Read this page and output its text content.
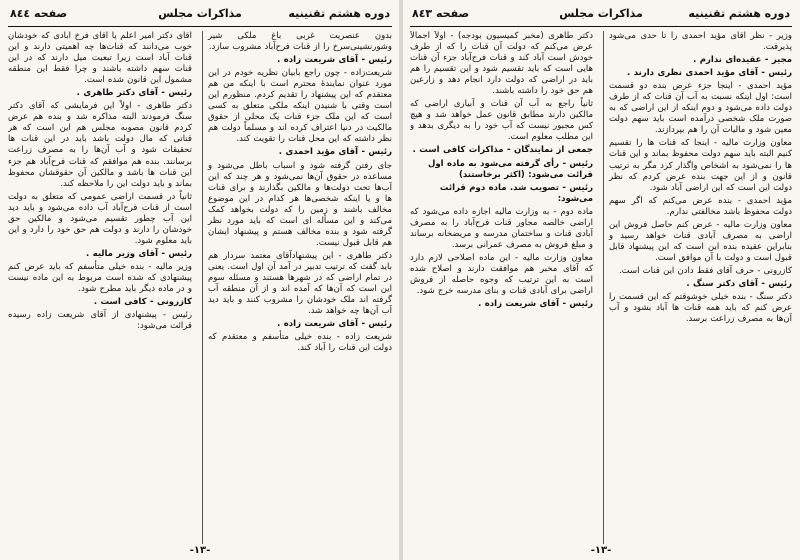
صفحه ٨٤٤	مذاکرات مجلس	دوره هشتم تقنینیه

بدون عنصریت غربی باغ ملکی شیر وشورنشینی‌سرخ را از قنات فرح‌آباد مشروب سازد.

رئیس - آقای شریعت زاده .

شریعت‌زاده - چون راجع بابیان نظریه خودم در این مورد عنوان نمایندهٔ محترم است با اینکه من هم معتقدم که این پیشنهاد را تقدیم کردم. منظورم این است وقتی با شنیدن اینکه ملکی متعلق به کسی است که این ملک جزء قنات یک محلی از حقوق مالکیت در دنیا اعتراف کرده اند و مسلماً دولت هم نظر داشته که این محل قنات را تقویت کند.

رئیس - آقای مؤید احمدی .

جای رفتن گرفته شود و اسباب باطل می‌شود و مساعده در حقوق آن‌ها نمی‌شود و هر چند که این آب‌ها تحت دولت‌ها و مالکین بگذارند و برای قنات ها و یا اینکه شخصی‌ها هر کدام در این موضوع مخالف باشند و زمین را که دولت بخواهد کمک می‌کند و این مسأله ای است که باید مورد نظر گرفته شود و بنده مخالف هستم و پیشنهاد ایشان هم قابل قبول نیست.

دکتر طاهری - این پیشنهادآقای معتمد سردار هم باید گفت که ترتیب تدبیر در آمد آن اول است. یعنی در تمام اراضی که در شهرها هستند و مسئله سوم این است که آن‌ها که آمده اند و از آن منطقه آب گرفته اند ملک خودشان را مشروب کنند و باید دید آب آن‌ها چه خواهد شد.

رئیس - آقای شریعت زاده .

شریعت زاده - بنده خیلی متأسفم و معتقدم که دولت این قنات را آباد کند.

آقای دکتر امیر اعلم یا آقای فرخ آبادی که خودشان خوب می‌دانند که قنات‌ها چه اهمیتی دارند و این قنات آباد است زیرا تبعیت میل دارند که در این قنات سهم داشته باشند و چرا فقط این منطقه مشمول این قانون شده است.

رئیس - آقای دکتر طاهری .

دکتر طاهری - اولاً این فرمایشی که آقای دکتر سنگ فرمودند البته مذاکره شد و بنده هم عرض کردم قانون مصوبه مجلس هم این است که هر قناتی که مال دولت باشد باید در این قنات ها تحقیقات شود و آب آن‌ها را به مصرف زراعت برسانند. بنده هم موافقم که قنات فرح‌آباد هم جزء این قنات ها باشد و مالکین آن حقوقشان محفوظ بماند و باید دولت این را ملاحظه کند.

ثانیاً در قسمت اراضی عمومی که متعلق به دولت است از قنات فرح‌آباد آب داده می‌شود و باید دید این آب چطور تقسیم می‌شود و مالکین حق خودشان را دارند و دولت هم حق خود را دارد و این باید معلوم شود.

رئیس - آقای وزیر مالیه .

وزیر مالیه - بنده خیلی متأسفم که باید عرض کنم پیشنهادی که شده است مربوط به این ماده نیست و در ماده دیگر باید مطرح شود.

کازرونی - کافی است .

رئیس - پیشنهادی از آقای شریعت زاده رسیده قرائت می‌شود:

-١٣-
صفحه ٨٤٣	مذاکرات مجلس	دوره هشتم تقنینیه

وزیر - نظر آقای مؤید احمدی را تا حدی می‌شود پذیرفت.

مجیر - عقیده‌ای ندارم .

رئیس - آقای مؤید احمدی نظری دارند .

مؤید احمدی - اینجا جزء عرض بنده دو قسمت است: اول اینکه نسبت به آب آن قنات که از طرف دولت داده می‌شود و دوم اینکه از این اراضی که به صورت ملک شخصی درآمده است باید سهم دولت معین شود و مالیات آن را هم بپردازند.

معاون وزارت مالیه - اینجا که قنات ها را تقسیم کنیم البته باید سهم دولت محفوظ بماند و این قنات ها را نمی‌شود به اشخاص واگذار کرد مگر به ترتیب قانون و از این جهت بنده عرض کردم که نظر دولت این است که این اراضی آباد شود.

مؤید احمدی - بنده عرض می‌کنم که اگر سهم دولت محفوظ باشد مخالفتی ندارم.

معاون وزارت مالیه - عرض کنم حاصل فروش این اراضی به مصرف آبادی قنات خواهد رسید و بنابراین عقیده بنده این است که این پیشنهاد قابل قبول است و دولت با آن موافق است.

کازرونی - حرف آقای فقط دادن این قنات است.

رئیس - آقای دکتر سنگ .

دکتر سنگ - بنده خیلی خوشوقتم که این قسمت را عرض کنم که باید همه قنات ها آباد بشود و آب آن‌ها به مصرف زراعت برسد.

دکتر طاهری (مخبر کمیسیون بودجه) - اولاً اجمالاً عرض می‌کنم که دولت آن قنات را که از طرف خودش است آباد کند و قنات فرح‌آباد جزء آن قنات هایی است که باید تقسیم شود و این تقسیم را هم باید در اراضی که دولت دارد انجام دهد و زارعین هم حق خود را داشته باشند.

ثانیاً راجع به آب آن قنات و آبیاری اراضی که مالکین دارند مطابق قانون عمل خواهد شد و هیچ کس مجبور نیست که آب خود را به دیگری بدهد و این مطلب معلوم است.

جمعی از نمایندگان - مذاکرات کافی است .

رئیس - رأی گرفته می‌شود به ماده اول قرائت می‌شود: (اکثر برخاستند)

رئیس - تصویب شد. ماده دوم قرائت می‌شود:

ماده دوم - به وزارت مالیه اجازه داده می‌شود که اراضی خالصه مجاور قنات فرح‌آباد را به مصرف آبادی قنات و ساختمان مدرسه و مریضخانه برساند و مبلغ فروش به مصرف عمرانی برسد.

معاون وزارت مالیه - این ماده اصلاحی لازم دارد که آقای مخبر هم موافقت دارند و اصلاح شده است به این ترتیب که وجوه حاصله از فروش اراضی برای آبادی قنات و بنای مدرسه خرج شود.

رئیس - آقای شریعت زاده .

-١٣-
